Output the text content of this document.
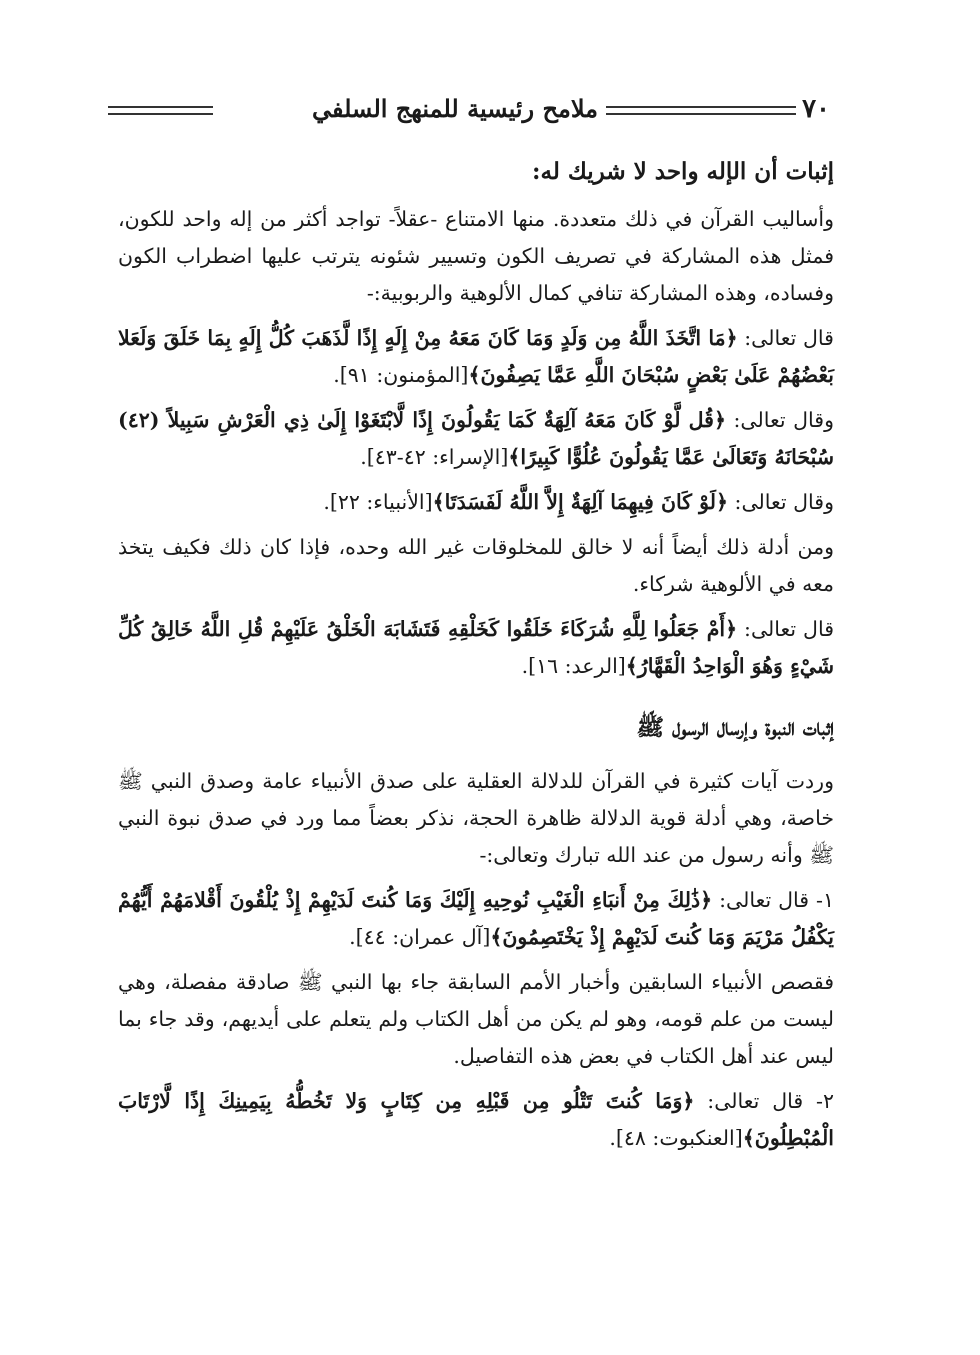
٧٠
ملامح رئيسية للمنهج السلفي
إثبات أن الإله واحد لا شريك له:

وأساليب القرآن في ذلك متعددة. منها الامتناع -عقلاً- تواجد أكثر من إله واحد للكون، فمثل هذه المشاركة في تصريف الكون وتسيير شئونه يترتب عليها اضطراب الكون وفساده، وهذه المشاركة تنافي كمال الألوهية والربوبية:-

قال تعالى: ﴿مَا اتَّخَذَ اللَّهُ مِن وَلَدٍ وَمَا كَانَ مَعَهُ مِنْ إِلَهٍ إِذًا لَّذَهَبَ كُلُّ إِلَهٍ بِمَا خَلَقَ وَلَعَلا بَعْضُهُمْ عَلَىٰ بَعْضٍ سُبْحَانَ اللَّهِ عَمَّا يَصِفُونَ﴾[المؤمنون: ٩١].

وقال تعالى: ﴿قُل لَّوْ كَانَ مَعَهُ آلِهَةٌ كَمَا يَقُولُونَ إِذًا لَّابْتَغَوْا إِلَىٰ ذِي الْعَرْشِ سَبِيلاً (٤٢) سُبْحَانَهُ وَتَعَالَىٰ عَمَّا يَقُولُونَ عُلُوًّا كَبِيرًا﴾[الإسراء: ٤٢-٤٣].

وقال تعالى: ﴿لَوْ كَانَ فِيهِمَا آلِهَةٌ إِلاَّ اللَّهُ لَفَسَدَتَا﴾[الأنبياء: ٢٢].

ومن أدلة ذلك أيضاً أنه لا خالق للمخلوقات غير الله وحده، فإذا كان ذلك فكيف يتخذ معه في الألوهية شركاء.

قال تعالى: ﴿أَمْ جَعَلُوا لِلَّهِ شُرَكَاءَ خَلَقُوا كَخَلْقِهِ فَتَشَابَهَ الْخَلْقُ عَلَيْهِمْ قُلِ اللَّهُ خَالِقُ كُلِّ شَيْءٍ وَهُوَ الْوَاحِدُ الْقَهَّارُ﴾[الرعد: ١٦].

إثبات النبوة وإرسال الرسول ﷺ

وردت آيات كثيرة في القرآن للدلالة العقلية على صدق الأنبياء عامة وصدق النبي ﷺ خاصة، وهي أدلة قوية الدلالة ظاهرة الحجة، نذكر بعضاً مما ورد في صدق نبوة النبي ﷺ وأنه رسول من عند الله تبارك وتعالى:-

١- قال تعالى: ﴿ذَٰلِكَ مِنْ أَنبَاءِ الْغَيْبِ نُوحِيهِ إِلَيْكَ وَمَا كُنتَ لَدَيْهِمْ إِذْ يُلْقُونَ أَقْلامَهُمْ أَيُّهُمْ يَكْفُلُ مَرْيَمَ وَمَا كُنتَ لَدَيْهِمْ إِذْ يَخْتَصِمُونَ﴾[آل عمران: ٤٤].

فقصص الأنبياء السابقين وأخبار الأمم السابقة جاء بها النبي ﷺ صادقة مفصلة، وهي ليست من علم قومه، وهو لم يكن من أهل الكتاب ولم يتعلم على أيديهم، وقد جاء بما ليس عند أهل الكتاب في بعض هذه التفاصيل.

٢- قال تعالى: ﴿وَمَا كُنتَ تَتْلُو مِن قَبْلِهِ مِن كِتَابٍ وَلا تَخُطُّهُ بِيَمِينِكَ إِذًا لَّارْتَابَ الْمُبْطِلُونَ﴾[العنكبوت: ٤٨].
